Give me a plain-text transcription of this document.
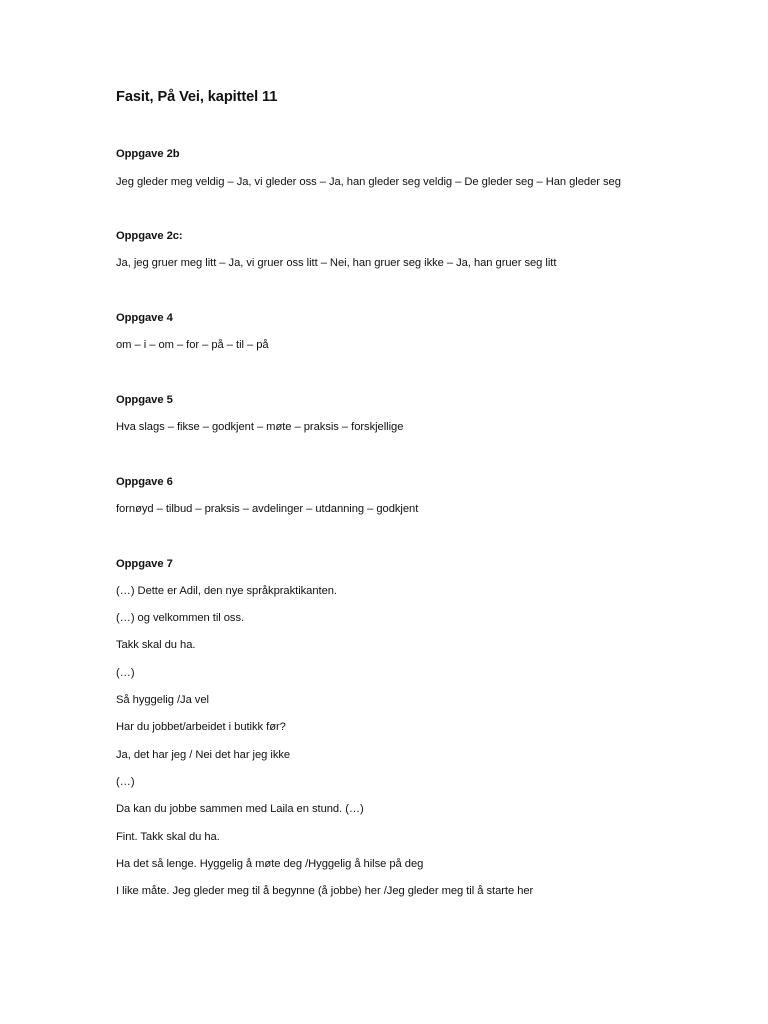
Fasit, På Vei, kapittel 11
Oppgave 2b
Jeg gleder meg veldig – Ja, vi gleder oss – Ja, han gleder seg veldig – De gleder seg – Han gleder seg
Oppgave 2c:
Ja, jeg gruer meg litt – Ja, vi gruer oss litt – Nei, han gruer seg ikke – Ja, han gruer seg litt
Oppgave 4
om – i – om – for – på – til – på
Oppgave 5
Hva slags – fikse – godkjent – møte – praksis – forskjellige
Oppgave 6
fornøyd – tilbud – praksis – avdelinger – utdanning – godkjent
Oppgave 7
(…) Dette er Adil, den nye språkpraktikanten.
(…) og velkommen til oss.
Takk skal du ha.
(…)
Så hyggelig /Ja vel
Har du jobbet/arbeidet i butikk før?
Ja, det har jeg / Nei det har jeg ikke
(…)
Da kan du jobbe sammen med Laila en stund. (…)
Fint. Takk skal du ha.
Ha det så lenge. Hyggelig å møte deg /Hyggelig å hilse på deg
I like måte. Jeg gleder meg til å begynne (å jobbe) her /Jeg gleder meg til å starte her
